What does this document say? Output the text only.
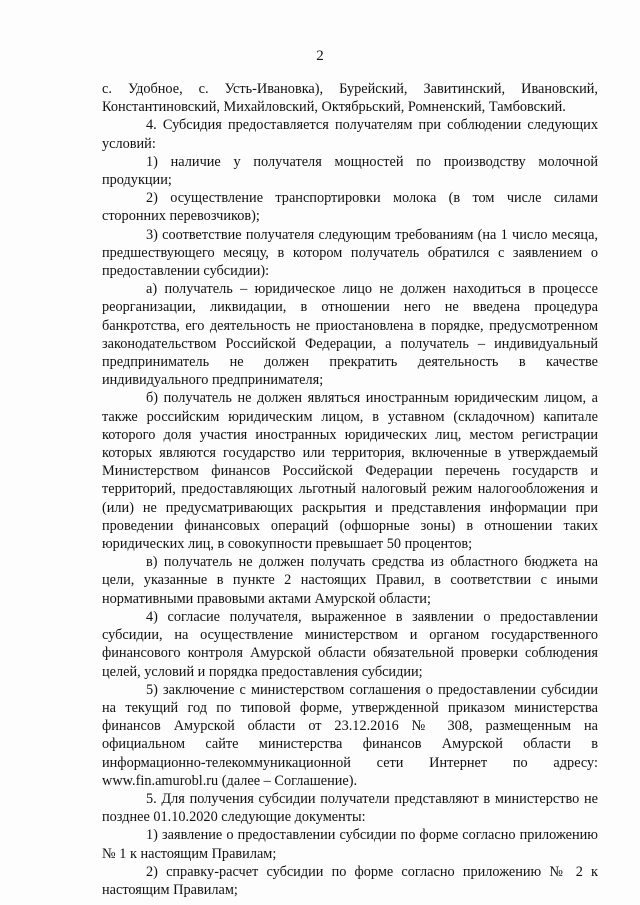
2

с. Удобное, с. Усть-Ивановка), Бурейский, Завитинский, Ивановский, Константиновский, Михайловский, Октябрьский, Ромненский, Тамбовский.

4. Субсидия предоставляется получателям при соблюдении следующих условий:

1) наличие у получателя мощностей по производству молочной продукции;

2) осуществление транспортировки молока (в том числе силами сторонних перевозчиков);

3) соответствие получателя следующим требованиям (на 1 число месяца, предшествующего месяцу, в котором получатель обратился с заявлением о предоставлении субсидии):

а) получатель – юридическое лицо не должен находиться в процессе реорганизации, ликвидации, в отношении него не введена процедура банкротства, его деятельность не приостановлена в порядке, предусмотренном законодательством Российской Федерации, а получатель – индивидуальный предприниматель не должен прекратить деятельность в качестве индивидуального предпринимателя;

б) получатель не должен являться иностранным юридическим лицом, а также российским юридическим лицом, в уставном (складочном) капитале которого доля участия иностранных юридических лиц, местом регистрации которых являются государство или территория, включенные в утверждаемый Министерством финансов Российской Федерации перечень государств и территорий, предоставляющих льготный налоговый режим налогообложения и (или) не предусматривающих раскрытия и представления информации при проведении финансовых операций (офшорные зоны) в отношении таких юридических лиц, в совокупности превышает 50 процентов;

в) получатель не должен получать средства из областного бюджета на цели, указанные в пункте 2 настоящих Правил, в соответствии с иными нормативными правовыми актами Амурской области;

4) согласие получателя, выраженное в заявлении о предоставлении субсидии, на осуществление министерством и органом государственного финансового контроля Амурской области обязательной проверки соблюдения целей, условий и порядка предоставления субсидии;

5) заключение с министерством соглашения о предоставлении субсидии на текущий год по типовой форме, утвержденной приказом министерства финансов Амурской области от 23.12.2016 № 308, размещенным на официальном сайте министерства финансов Амурской области в информационно-телекоммуникационной сети Интернет по адресу: www.fin.amurobl.ru (далее – Соглашение).

5. Для получения субсидии получатели представляют в министерство не позднее 01.10.2020 следующие документы:

1) заявление о предоставлении субсидии по форме согласно приложению № 1 к настоящим Правилам;

2) справку-расчет субсидии по форме согласно приложению № 2 к настоящим Правилам;
